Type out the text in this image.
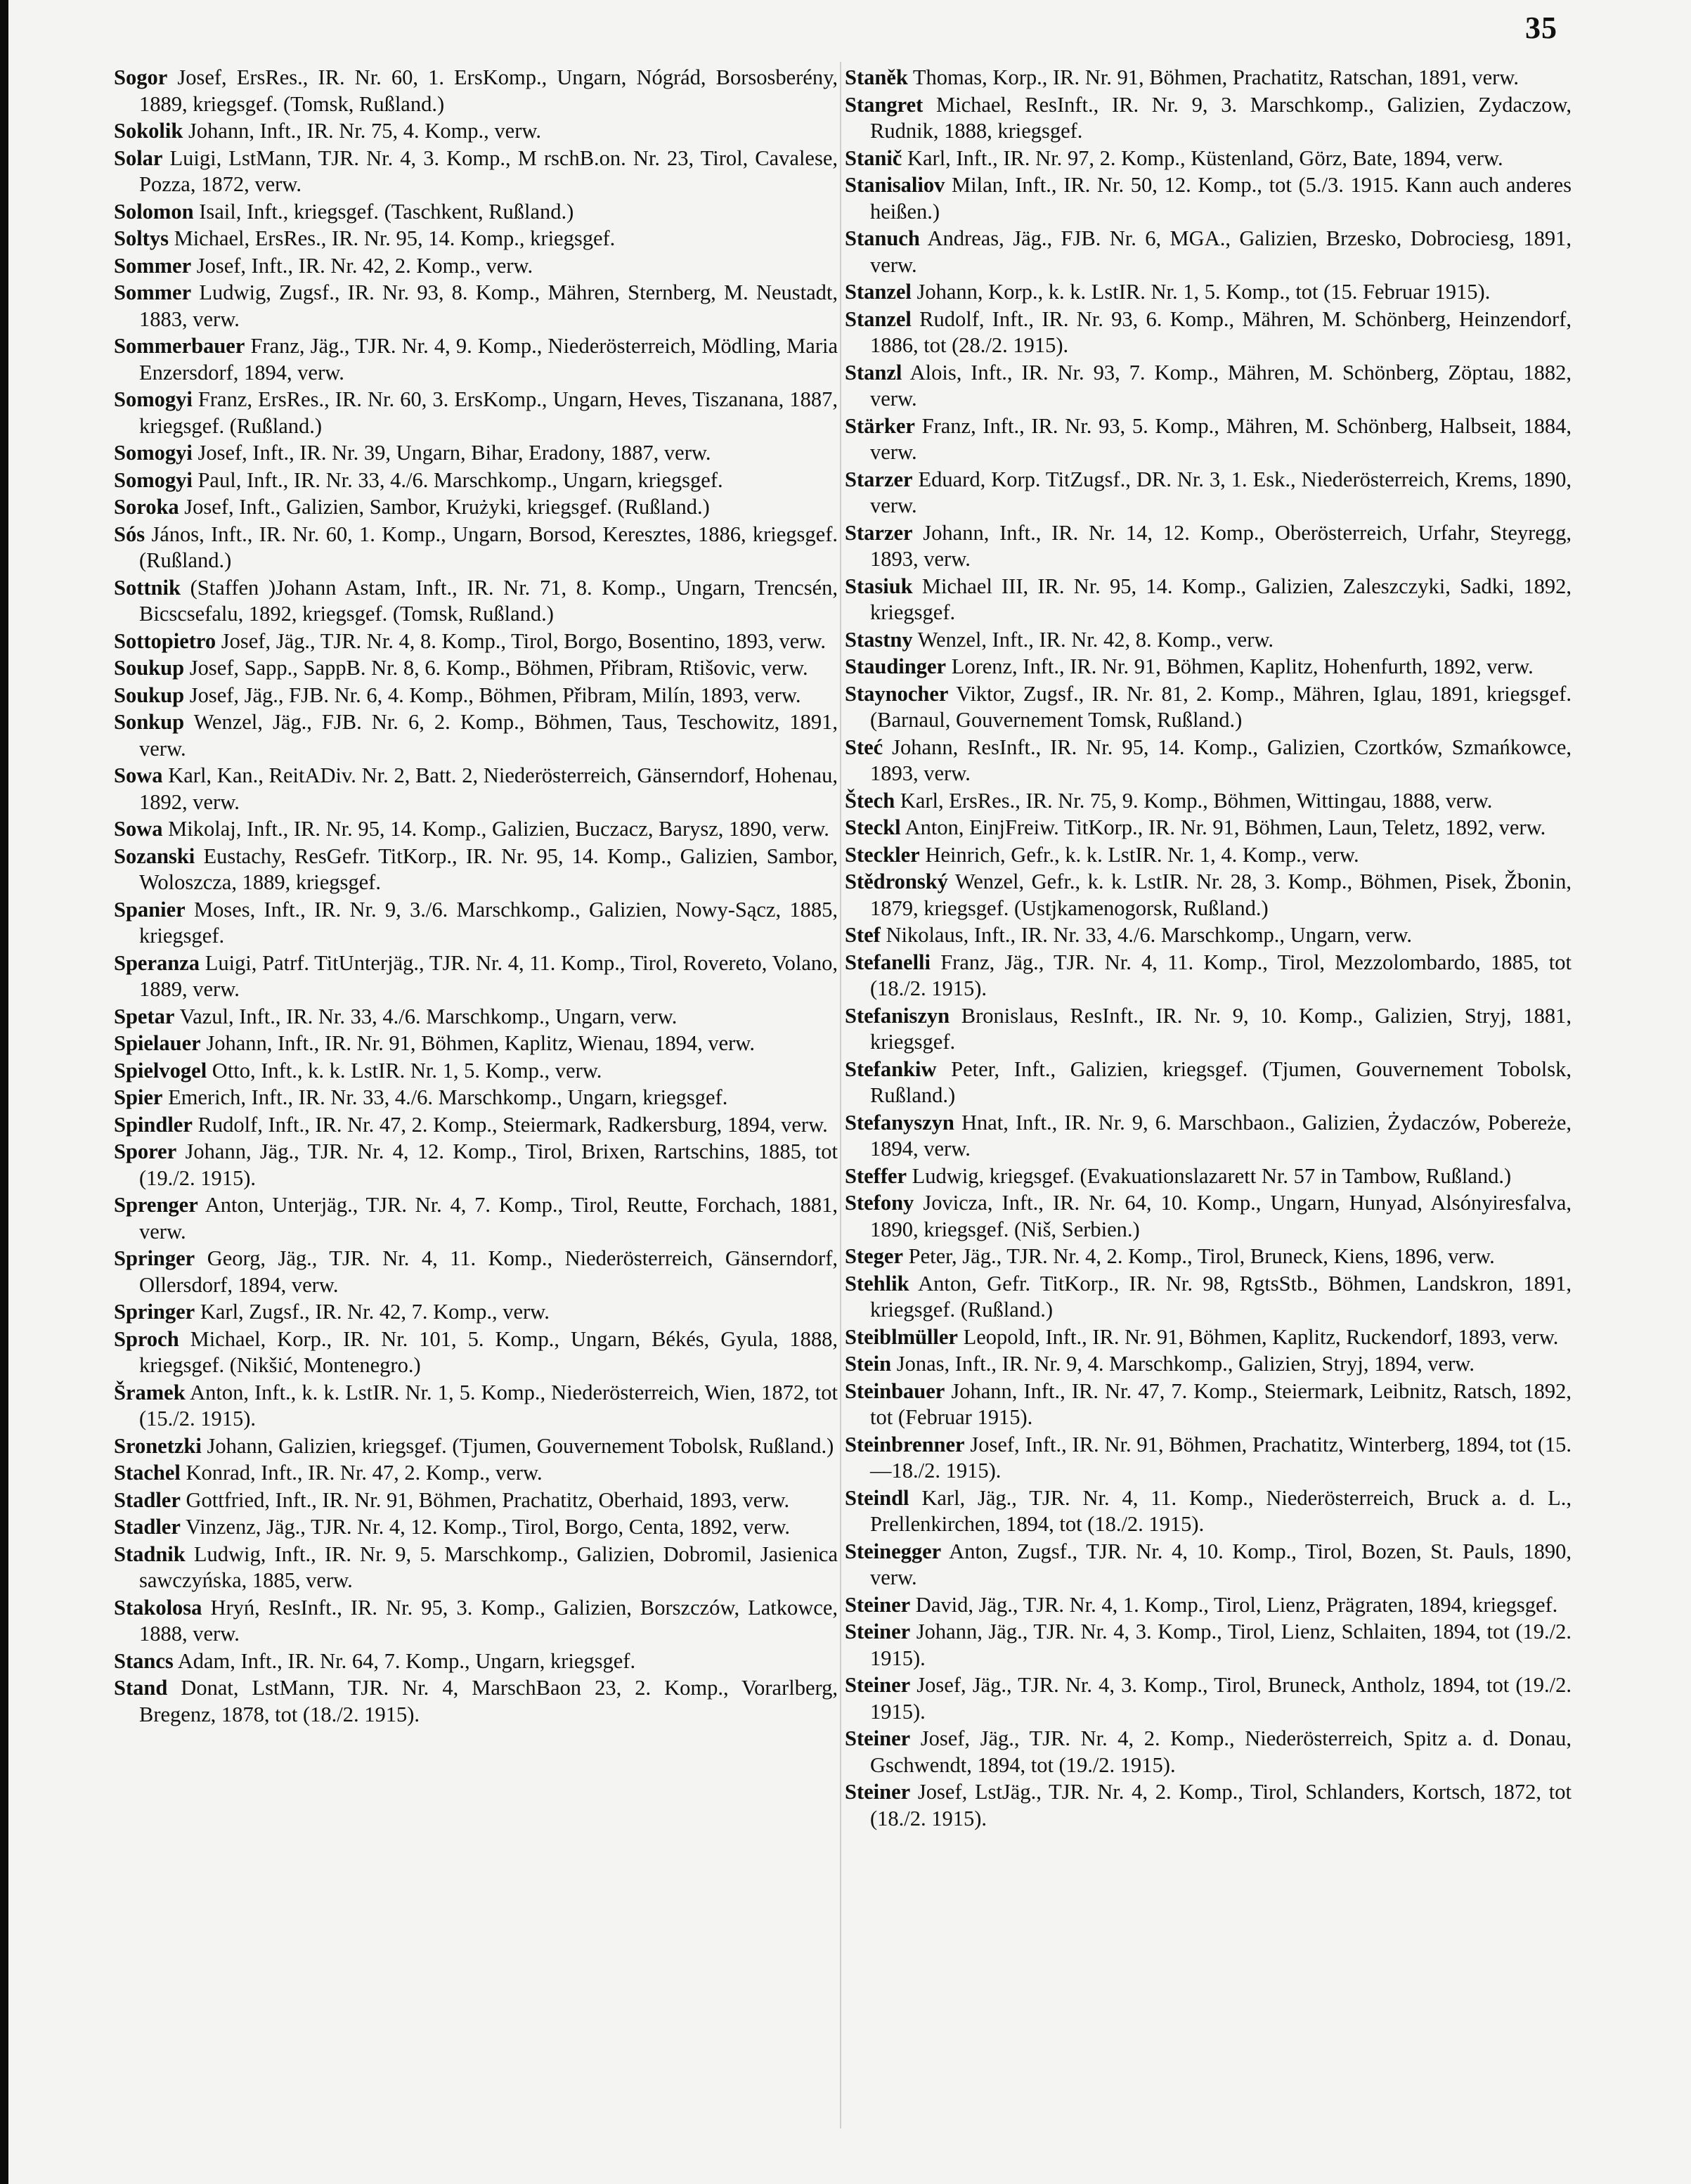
35

Sogor Josef, ErsRes., IR. Nr. 60, 1. ErsKomp., Ungarn, Nógrád, Borsosberény, 1889, kriegsgef. (Tomsk, Rußland.)

Sokolik Johann, Inft., IR. Nr. 75, 4. Komp., verw.

Solar Luigi, LstMann, TJR. Nr. 4, 3. Komp., M rschB.on. Nr. 23, Tirol, Cavalese, Pozza, 1872, verw.

Solomon Isail, Inft., kriegsgef. (Taschkent, Rußland.)

Soltys Michael, ErsRes., IR. Nr. 95, 14. Komp., kriegsgef.

Sommer Josef, Inft., IR. Nr. 42, 2. Komp., verw.

Sommer Ludwig, Zugsf., IR. Nr. 93, 8. Komp., Mähren, Sternberg, M. Neustadt, 1883, verw.

Sommerbauer Franz, Jäg., TJR. Nr. 4, 9. Komp., Niederösterreich, Mödling, Maria Enzersdorf, 1894, verw.

Somogyi Franz, ErsRes., IR. Nr. 60, 3. ErsKomp., Ungarn, Heves, Tiszanana, 1887, kriegsgef. (Rußland.)

Somogyi Josef, Inft., IR. Nr. 39, Ungarn, Bihar, Eradony, 1887, verw.

Somogyi Paul, Inft., IR. Nr. 33, 4./6. Marschkomp., Ungarn, kriegsgef.

Soroka Josef, Inft., Galizien, Sambor, Krużyki, kriegsgef. (Rußland.)

Sós János, Inft., IR. Nr. 60, 1. Komp., Ungarn, Borsod, Keresztes, 1886, kriegsgef. (Rußland.)

Sottnik (Staffen )Johann Astam, Inft., IR. Nr. 71, 8. Komp., Ungarn, Trencsén, Bicscsefalu, 1892, kriegsgef. (Tomsk, Rußland.)

Sottopietro Josef, Jäg., TJR. Nr. 4, 8. Komp., Tirol, Borgo, Bosentino, 1893, verw.

Soukup Josef, Sapp., SappB. Nr. 8, 6. Komp., Böhmen, Přibram, Rtišovic, verw.

Soukup Josef, Jäg., FJB. Nr. 6, 4. Komp., Böhmen, Přibram, Milín, 1893, verw.

Sonkup Wenzel, Jäg., FJB. Nr. 6, 2. Komp., Böhmen, Taus, Teschowitz, 1891, verw.

Sowa Karl, Kan., ReitADiv. Nr. 2, Batt. 2, Niederösterreich, Gänserndorf, Hohenau, 1892, verw.

Sowa Mikolaj, Inft., IR. Nr. 95, 14. Komp., Galizien, Buczacz, Barysz, 1890, verw.

Sozanski Eustachy, ResGefr. TitKorp., IR. Nr. 95, 14. Komp., Galizien, Sambor, Woloszcza, 1889, kriegsgef.

Spanier Moses, Inft., IR. Nr. 9, 3./6. Marschkomp., Galizien, Nowy-Sącz, 1885, kriegsgef.

Speranza Luigi, Patrf. TitUnterjäg., TJR. Nr. 4, 11. Komp., Tirol, Rovereto, Volano, 1889, verw.

Spetar Vazul, Inft., IR. Nr. 33, 4./6. Marschkomp., Ungarn, verw.

Spielauer Johann, Inft., IR. Nr. 91, Böhmen, Kaplitz, Wienau, 1894, verw.

Spielvogel Otto, Inft., k. k. LstIR. Nr. 1, 5. Komp., verw.

Spier Emerich, Inft., IR. Nr. 33, 4./6. Marschkomp., Ungarn, kriegsgef.

Spindler Rudolf, Inft., IR. Nr. 47, 2. Komp., Steiermark, Radkersburg, 1894, verw.

Sporer Johann, Jäg., TJR. Nr. 4, 12. Komp., Tirol, Brixen, Rartschins, 1885, tot (19./2. 1915).

Sprenger Anton, Unterjäg., TJR. Nr. 4, 7. Komp., Tirol, Reutte, Forchach, 1881, verw.

Springer Georg, Jäg., TJR. Nr. 4, 11. Komp., Niederösterreich, Gänserndorf, Ollersdorf, 1894, verw.

Springer Karl, Zugsf., IR. Nr. 42, 7. Komp., verw.

Sproch Michael, Korp., IR. Nr. 101, 5. Komp., Ungarn, Békés, Gyula, 1888, kriegsgef. (Nikšić, Montenegro.)

Šramek Anton, Inft., k. k. LstIR. Nr. 1, 5. Komp., Niederösterreich, Wien, 1872, tot (15./2. 1915).

Sronetzki Johann, Galizien, kriegsgef. (Tjumen, Gouvernement Tobolsk, Rußland.)

Stachel Konrad, Inft., IR. Nr. 47, 2. Komp., verw.

Stadler Gottfried, Inft., IR. Nr. 91, Böhmen, Prachatitz, Oberhaid, 1893, verw.

Stadler Vinzenz, Jäg., TJR. Nr. 4, 12. Komp., Tirol, Borgo, Centa, 1892, verw.

Stadnik Ludwig, Inft., IR. Nr. 9, 5. Marschkomp., Galizien, Dobromil, Jasienica sawczyńska, 1885, verw.

Stakolosa Hryń, ResInft., IR. Nr. 95, 3. Komp., Galizien, Borszczów, Latkowce, 1888, verw.

Stancs Adam, Inft., IR. Nr. 64, 7. Komp., Ungarn, kriegsgef.

Stand Donat, LstMann, TJR. Nr. 4, MarschBaon 23, 2. Komp., Vorarlberg, Bregenz, 1878, tot (18./2. 1915).

Staněk Thomas, Korp., IR. Nr. 91, Böhmen, Prachatitz, Ratschan, 1891, verw.

Stangret Michael, ResInft., IR. Nr. 9, 3. Marschkomp., Galizien, Zydaczow, Rudnik, 1888, kriegsgef.

Stanič Karl, Inft., IR. Nr. 97, 2. Komp., Küstenland, Görz, Bate, 1894, verw.

Stanisaliov Milan, Inft., IR. Nr. 50, 12. Komp., tot (5./3. 1915. Kann auch anderes heißen.)

Stanuch Andreas, Jäg., FJB. Nr. 6, MGA., Galizien, Brzesko, Dobrociesg, 1891, verw.

Stanzel Johann, Korp., k. k. LstIR. Nr. 1, 5. Komp., tot (15. Februar 1915).

Stanzel Rudolf, Inft., IR. Nr. 93, 6. Komp., Mähren, M. Schönberg, Heinzendorf, 1886, tot (28./2. 1915).

Stanzl Alois, Inft., IR. Nr. 93, 7. Komp., Mähren, M. Schönberg, Zöptau, 1882, verw.

Stärker Franz, Inft., IR. Nr. 93, 5. Komp., Mähren, M. Schönberg, Halbseit, 1884, verw.

Starzer Eduard, Korp. TitZugsf., DR. Nr. 3, 1. Esk., Niederösterreich, Krems, 1890, verw.

Starzer Johann, Inft., IR. Nr. 14, 12. Komp., Oberösterreich, Urfahr, Steyregg, 1893, verw.

Stasiuk Michael III, IR. Nr. 95, 14. Komp., Galizien, Zaleszczyki, Sadki, 1892, kriegsgef.

Stastny Wenzel, Inft., IR. Nr. 42, 8. Komp., verw.

Staudinger Lorenz, Inft., IR. Nr. 91, Böhmen, Kaplitz, Hohenfurth, 1892, verw.

Staynocher Viktor, Zugsf., IR. Nr. 81, 2. Komp., Mähren, Iglau, 1891, kriegsgef. (Barnaul, Gouvernement Tomsk, Rußland.)

Steć Johann, ResInft., IR. Nr. 95, 14. Komp., Galizien, Czortków, Szmańkowce, 1893, verw.

Štech Karl, ErsRes., IR. Nr. 75, 9. Komp., Böhmen, Wittingau, 1888, verw.

Steckl Anton, EinjFreiw. TitKorp., IR. Nr. 91, Böhmen, Laun, Teletz, 1892, verw.

Steckler Heinrich, Gefr., k. k. LstIR. Nr. 1, 4. Komp., verw.

Stědronský Wenzel, Gefr., k. k. LstIR. Nr. 28, 3. Komp., Böhmen, Pisek, Žbonin, 1879, kriegsgef. (Ustjkamenogorsk, Rußland.)

Stef Nikolaus, Inft., IR. Nr. 33, 4./6. Marschkomp., Ungarn, verw.

Stefanelli Franz, Jäg., TJR. Nr. 4, 11. Komp., Tirol, Mezzolombardo, 1885, tot (18./2. 1915).

Stefaniszyn Bronislaus, ResInft., IR. Nr. 9, 10. Komp., Galizien, Stryj, 1881, kriegsgef.

Stefankiw Peter, Inft., Galizien, kriegsgef. (Tjumen, Gouvernement Tobolsk, Rußland.)

Stefanyszyn Hnat, Inft., IR. Nr. 9, 6. Marschbaon., Galizien, Żydaczów, Pobereże, 1894, verw.

Steffer Ludwig, kriegsgef. (Evakuationslazarett Nr. 57 in Tambow, Rußland.)

Stefony Jovicza, Inft., IR. Nr. 64, 10. Komp., Ungarn, Hunyad, Alsónyiresfalva, 1890, kriegsgef. (Niš, Serbien.)

Steger Peter, Jäg., TJR. Nr. 4, 2. Komp., Tirol, Bruneck, Kiens, 1896, verw.

Stehlik Anton, Gefr. TitKorp., IR. Nr. 98, RgtsStb., Böhmen, Landskron, 1891, kriegsgef. (Rußland.)

Steiblmüller Leopold, Inft., IR. Nr. 91, Böhmen, Kaplitz, Ruckendorf, 1893, verw.

Stein Jonas, Inft., IR. Nr. 9, 4. Marschkomp., Galizien, Stryj, 1894, verw.

Steinbauer Johann, Inft., IR. Nr. 47, 7. Komp., Steiermark, Leibnitz, Ratsch, 1892, tot (Februar 1915).

Steinbrenner Josef, Inft., IR. Nr. 91, Böhmen, Prachatitz, Winterberg, 1894, tot (15.—18./2. 1915).

Steindl Karl, Jäg., TJR. Nr. 4, 11. Komp., Niederösterreich, Bruck a. d. L., Prellenkirchen, 1894, tot (18./2. 1915).

Steinegger Anton, Zugsf., TJR. Nr. 4, 10. Komp., Tirol, Bozen, St. Pauls, 1890, verw.

Steiner David, Jäg., TJR. Nr. 4, 1. Komp., Tirol, Lienz, Prägraten, 1894, kriegsgef.

Steiner Johann, Jäg., TJR. Nr. 4, 3. Komp., Tirol, Lienz, Schlaiten, 1894, tot (19./2. 1915).

Steiner Josef, Jäg., TJR. Nr. 4, 3. Komp., Tirol, Bruneck, Antholz, 1894, tot (19./2. 1915).

Steiner Josef, Jäg., TJR. Nr. 4, 2. Komp., Niederösterreich, Spitz a. d. Donau, Gschwendt, 1894, tot (19./2. 1915).

Steiner Josef, LstJäg., TJR. Nr. 4, 2. Komp., Tirol, Schlanders, Kortsch, 1872, tot (18./2. 1915).
